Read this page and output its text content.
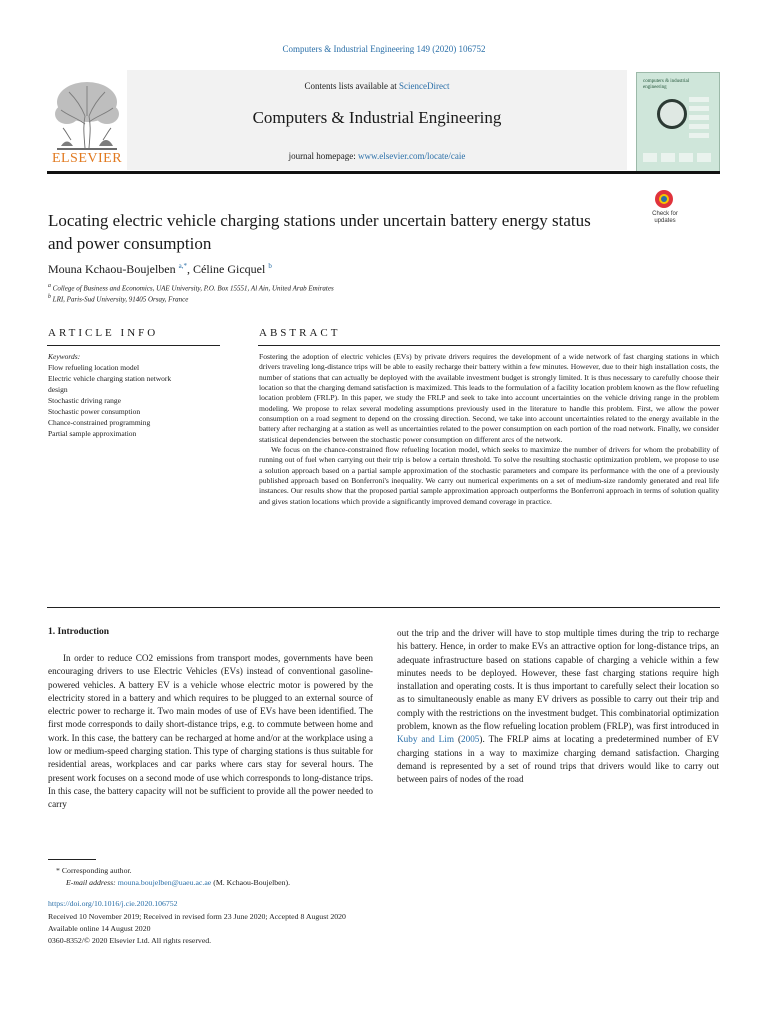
Computers & Industrial Engineering 149 (2020) 106752
Contents lists available at ScienceDirect
Computers & Industrial Engineering
journal homepage: www.elsevier.com/locate/caie
ELSEVIER
computers & industrial engineering
Check for updates
Locating electric vehicle charging stations under uncertain battery energy status and power consumption
Mouna Kchaou-Boujelben $^{a,*}$, Céline Gicquel $^b$
$^a$ College of Business and Economics, UAE University, P.O. Box 15551, Al Ain, United Arab Emirates
$^b$ LRI, Paris-Sud University, 91405 Orsay, France
ARTICLE INFO
Keywords:
Flow refueling location model
Electric vehicle charging station network
design
Stochastic driving range
Stochastic power consumption
Chance-constrained programming
Partial sample approximation
ABSTRACT

Fostering the adoption of electric vehicles (EVs) by private drivers requires the development of a wide network of fast charging stations in which drivers traveling long-distance trips will be able to easily recharge their battery within a few minutes. However, due to their high installation costs, the number of stations that can actually be deployed with the available investment budget is strongly limited. It is thus necessary to carefully choose their location so that the charging demand satisfaction is maximized. This leads to the formulation of a facility location problem known as the flow refueling location problem (FRLP). In this paper, we study the FRLP and seek to take into account uncertainties on the vehicle driving range in the problem modeling. We propose to relax several modeling assumptions previously used in the literature to handle this problem. First, we allow the power consumption on a road segment to depend on the crossing direction. Second, we take into account uncertainties related to the energy available in the battery after recharging at a station as well as uncertainties related to the power consumption on each portion of the road network. Finally, we consider statistical dependencies between the stochastic power consumption on different arcs of the network.

We focus on the chance-constrained flow refueling location model, which seeks to maximize the number of drivers for whom the probability of running out of fuel when carrying out their trip is below a certain threshold. To solve the resulting stochastic optimization problem, we propose to use a solution approach based on a partial sample approximation of the stochastic parameters and compare its performance with the one of a previously published approach based on Bonferroni's inequality. We carry out numerical experiments on a set of medium-size randomly generated and real life instances. Our results show that the proposed partial sample approximation approach outperforms the Bonferroni approach in terms of solution quality and gives station locations which provide a significantly improved demand coverage in practice.

1. Introduction
In order to reduce CO2 emissions from transport modes, governments have been encouraging drivers to use Electric Vehicles (EVs) instead of conventional gasoline-powered vehicles. A battery EV is a vehicle whose electric motor is powered by the electricity stored in a battery and which requires to be plugged to an external source of electric power to recharge it. Two main modes of use of EVs have been identified. The first mode corresponds to daily short-distance trips, e.g. to commute between home and work. In this case, the battery can be recharged at home and/or at the workplace using a low or medium-speed charging station. This type of charging stations is thus suitable for residential areas, workplaces and car parks where cars stay for several hours. The present work focuses on a second mode of use which corresponds to long-distance trips. In this case, the battery capacity will not be sufficient to provide all the power needed to carry
out the trip and the driver will have to stop multiple times during the trip to recharge his battery. Hence, in order to make EVs an attractive option for long-distance trips, an adequate infrastructure based on stations capable of charging a vehicle within a few minutes needs to be deployed. However, these fast charging stations require high installation and operating costs. It is thus important to carefully select their location so as to simultaneously enable as many EV drivers as possible to carry out their trip and comply with the restrictions on the investment budget. This combinatorial optimization problem, known as the flow refueling location problem (FRLP), was first introduced in Kuby and Lim (2005). The FRLP aims at locating a predetermined number of EV charging stations in a way to maximize charging demand satisfaction. Charging demand is represented by a set of round trips that drivers would like to carry out between pairs of nodes of the road
* Corresponding author.
E-mail address: mouna.boujelben@uaeu.ac.ae (M. Kchaou-Boujelben).
https://doi.org/10.1016/j.cie.2020.106752
Received 10 November 2019; Received in revised form 23 June 2020; Accepted 8 August 2020
Available online 14 August 2020
0360-8352/© 2020 Elsevier Ltd. All rights reserved.
